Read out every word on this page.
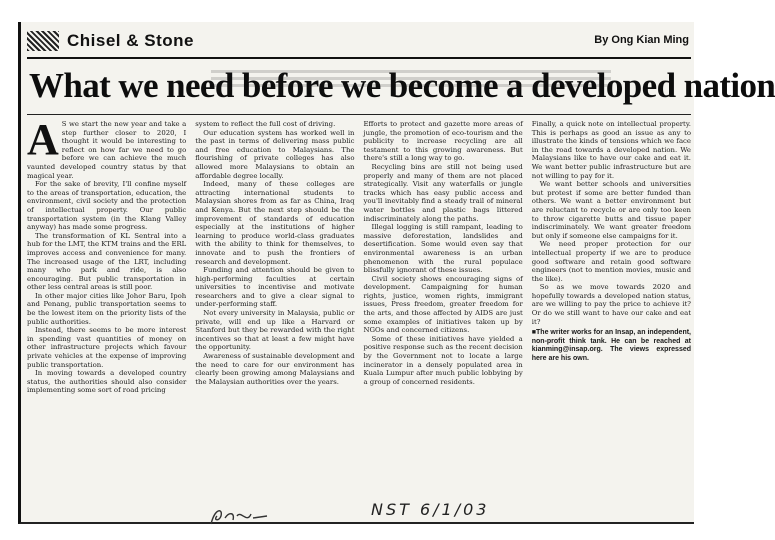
Chisel & Stone	By Ong Kian Ming
What we need before we become a developed nation
A S we start the new year and take a step further closer to 2020, I thought it would be interesting to reflect on how far we need to go before we can achieve the much vaunted developed country status by that magical year.

For the sake of brevity, I'll confine myself to the areas of transportation, education, the environment, civil society and the protection of intellectual property. Our public transportation system (in the Klang Valley anyway) has made some progress.

The transformation of KL Sentral into a hub for the LMT, the KTM trains and the ERL improves access and convenience for many. The increased usage of the LRT, including many who park and ride, is also encouraging. But public transportation in other less central areas is still poor.

In other major cities like Johor Baru, Ipoh and Penang, public transportation seems to be the lowest item on the priority lists of the public authorities.

Instead, there seems to be more interest in spending vast quantities of money on other infrastructure projects which favour private vehicles at the expense of improving public transportation.

In moving towards a developed country status, the authorities should also consider implementing some sort of road pricing

system to reflect the full cost of driving.

Our education system has worked well in the past in terms of delivering mass public and free education to Malaysians. The flourishing of private colleges has also allowed more Malaysians to obtain an affordable degree locally.

Indeed, many of these colleges are attracting international students to Malaysian shores from as far as China, Iraq and Kenya. But the next step should be the improvement of standards of education especially at the institutions of higher learning to produce world-class graduates with the ability to think for themselves, to innovate and to push the frontiers of research and development.

Funding and attention should be given to high-performing faculties at certain universities to incentivise and motivate researchers and to give a clear signal to under-performing staff.

Not every university in Malaysia, public or private, will end up like a Harvard or Stanford but they be rewarded with the right incentives so that at least a few might have the opportunity.

Awareness of sustainable development and the need to care for our environment has clearly been growing among Malaysians and the Malaysian authorities over the years.

Efforts to protect and gazette more areas of jungle, the promotion of eco-tourism and the publicity to increase recycling are all testament to this growing awareness. But there's still a long way to go.

Recycling bins are still not being used properly and many of them are not placed strategically. Visit any waterfalls or jungle tracks which has easy public access and you'll inevitably find a steady trail of mineral water bottles and plastic bags littered indiscriminately along the paths.

Illegal logging is still rampant, leading to massive deforestation, landslides and desertification. Some would even say that environmental awareness is an urban phenomenon with the rural populace blissfully ignorant of these issues.

Civil society shows encouraging signs of development. Campaigning for human rights, justice, women rights, immigrant issues, Press freedom, greater freedom for the arts, and those affected by AIDS are just some examples of initiatives taken up by NGOs and concerned citizens.

Some of these initiatives have yielded a positive response such as the recent decision by the Government not to locate a large incinerator in a densely populated area in Kuala Lumpur after much public lobbying by a group of concerned residents.

Finally, a quick note on intellectual property. This is perhaps as good an issue as any to illustrate the kinds of tensions which we face in the road towards a developed nation. We Malaysians like to have our cake and eat it. We want better public infrastructure but are not willing to pay for it.

We want better schools and universities but protest if some are better funded than others. We want a better environment but are reluctant to recycle or are only too keen to throw cigarette butts and tissue paper indiscriminately. We want greater freedom but only if someone else campaigns for it.

We need proper protection for our intellectual property if we are to produce good software and retain good software engineers (not to mention movies, music and the like).

So as we move towards 2020 and hopefully towards a developed nation status, are we willing to pay the price to achieve it? Or do we still want to have our cake and eat it?

■ The writer works for an Insap, an independent, non-profit think tank. He can be reached at kianming@insap.org. The views expressed here are his own.

NST 6/1/03
